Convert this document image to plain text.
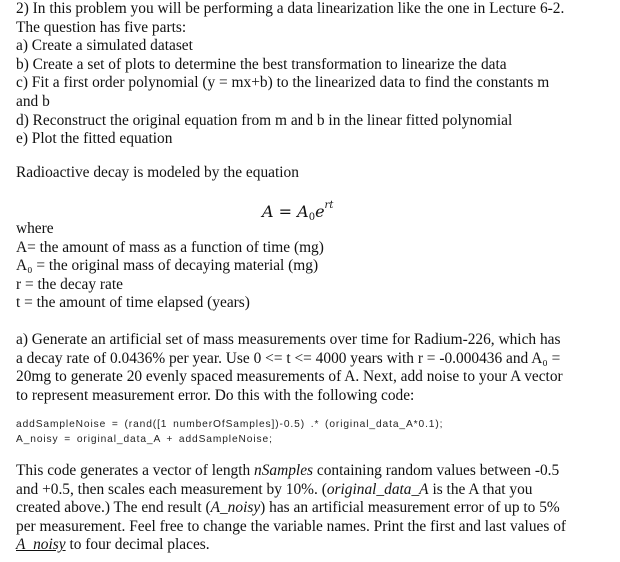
2) In this problem you will be performing a data linearization like the one in Lecture 6-2.
The question has five parts:
a) Create a simulated dataset
b) Create a set of plots to determine the best transformation to linearize the data
c) Fit a first order polynomial (y = mx+b) to the linearized data to find the constants m
and b
d) Reconstruct the original equation from m and b in the linear fitted polynomial
e) Plot the fitted equation
Radioactive decay is modeled by the equation
$A = A_0e^{rt}$
where
A= the amount of mass as a function of time (mg)
A₀ = the original mass of decaying material (mg)
r = the decay rate
t = the amount of time elapsed (years)
a) Generate an artificial set of mass measurements over time for Radium-226, which has
a decay rate of 0.0436% per year. Use 0 <= t <= 4000 years with r = -0.000436 and A₀ =
20mg to generate 20 evenly spaced measurements of A. Next, add noise to your A vector
to represent measurement error. Do this with the following code:
addSampleNoise = (rand([1 numberOfSamples])-0.5) .* (original_data_A*0.1);
A_noisy = original_data_A + addSampleNoise;
This code generates a vector of length nSamples containing random values between -0.5
and +0.5, then scales each measurement by 10%. (original_data_A is the A that you
created above.) The end result (A_noisy) has an artificial measurement error of up to 5%
per measurement. Feel free to change the variable names. Print the first and last values of
A_noisy to four decimal places.
